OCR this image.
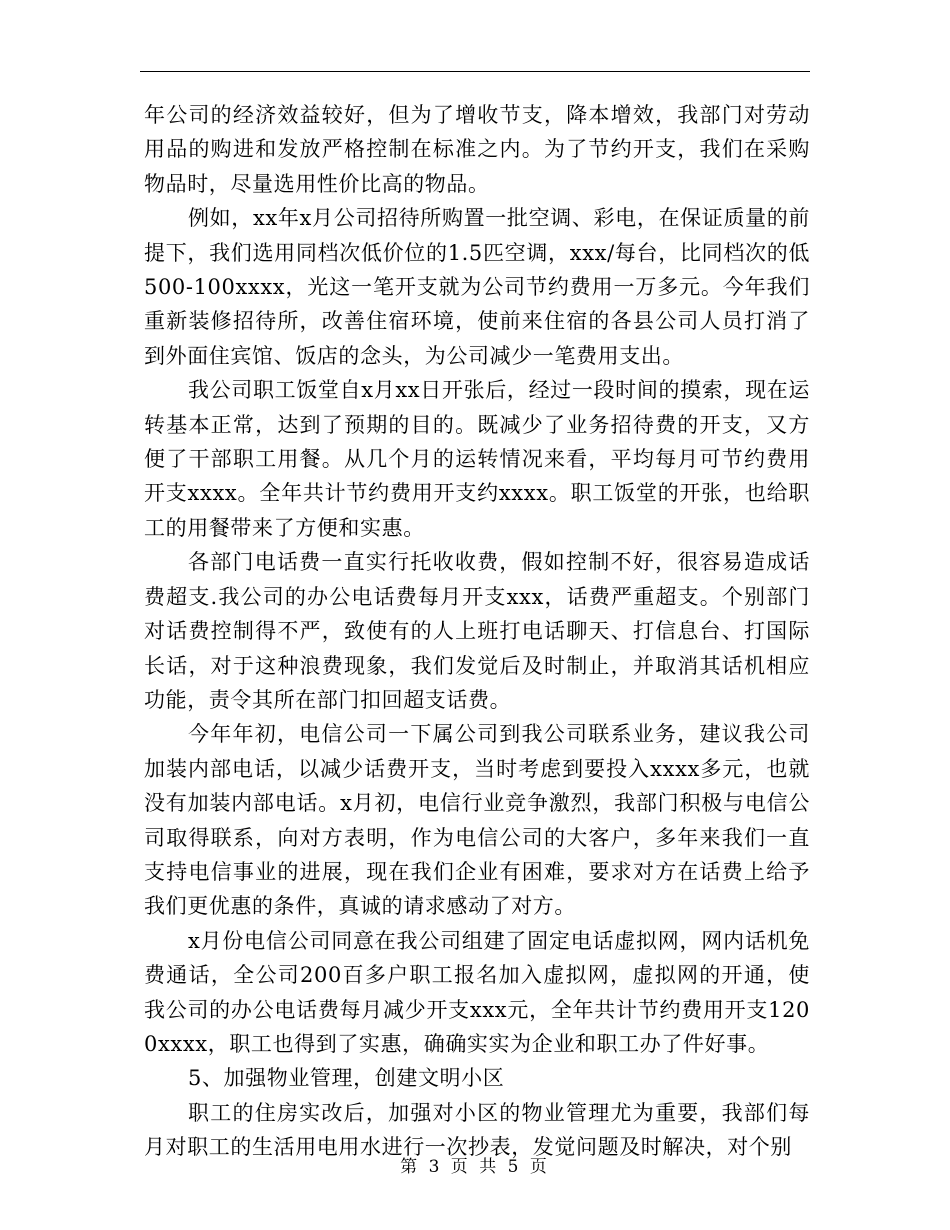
年公司的经济效益较好，但为了增收节支，降本增效，我部门对劳动用品的购进和发放严格控制在标准之内。为了节约开支，我们在采购物品时，尽量选用性价比高的物品。

例如，xx年x月公司招待所购置一批空调、彩电，在保证质量的前提下，我们选用同档次低价位的1.5匹空调，xxx/每台，比同档次的低500-100xxxx，光这一笔开支就为公司节约费用一万多元。今年我们重新装修招待所，改善住宿环境，使前来住宿的各县公司人员打消了到外面住宾馆、饭店的念头，为公司减少一笔费用支出。

我公司职工饭堂自x月xx日开张后，经过一段时间的摸索，现在运转基本正常，达到了预期的目的。既减少了业务招待费的开支，又方便了干部职工用餐。从几个月的运转情况来看，平均每月可节约费用开支xxxx。全年共计节约费用开支约xxxx。职工饭堂的开张，也给职工的用餐带来了方便和实惠。

各部门电话费一直实行托收收费，假如控制不好，很容易造成话费超支.我公司的办公电话费每月开支xxx，话费严重超支。个别部门对话费控制得不严，致使有的人上班打电话聊天、打信息台、打国际长话，对于这种浪费现象，我们发觉后及时制止，并取消其话机相应功能，责令其所在部门扣回超支话费。

今年年初，电信公司一下属公司到我公司联系业务，建议我公司加装内部电话，以减少话费开支，当时考虑到要投入xxxx多元，也就没有加装内部电话。x月初，电信行业竞争激烈，我部门积极与电信公司取得联系，向对方表明，作为电信公司的大客户，多年来我们一直支持电信事业的进展，现在我们企业有困难，要求对方在话费上给予我们更优惠的条件，真诚的请求感动了对方。

x月份电信公司同意在我公司组建了固定电话虚拟网，网内话机免费通话，全公司200百多户职工报名加入虚拟网，虚拟网的开通，使我公司的办公电话费每月减少开支xxx元，全年共计节约费用开支1200xxxx，职工也得到了实惠，确确实实为企业和职工办了件好事。

5、加强物业管理，创建文明小区

职工的住房实改后，加强对小区的物业管理尤为重要，我部们每月对职工的生活用电用水进行一次抄表，发觉问题及时解决，对个别

第 3 页 共 5 页
